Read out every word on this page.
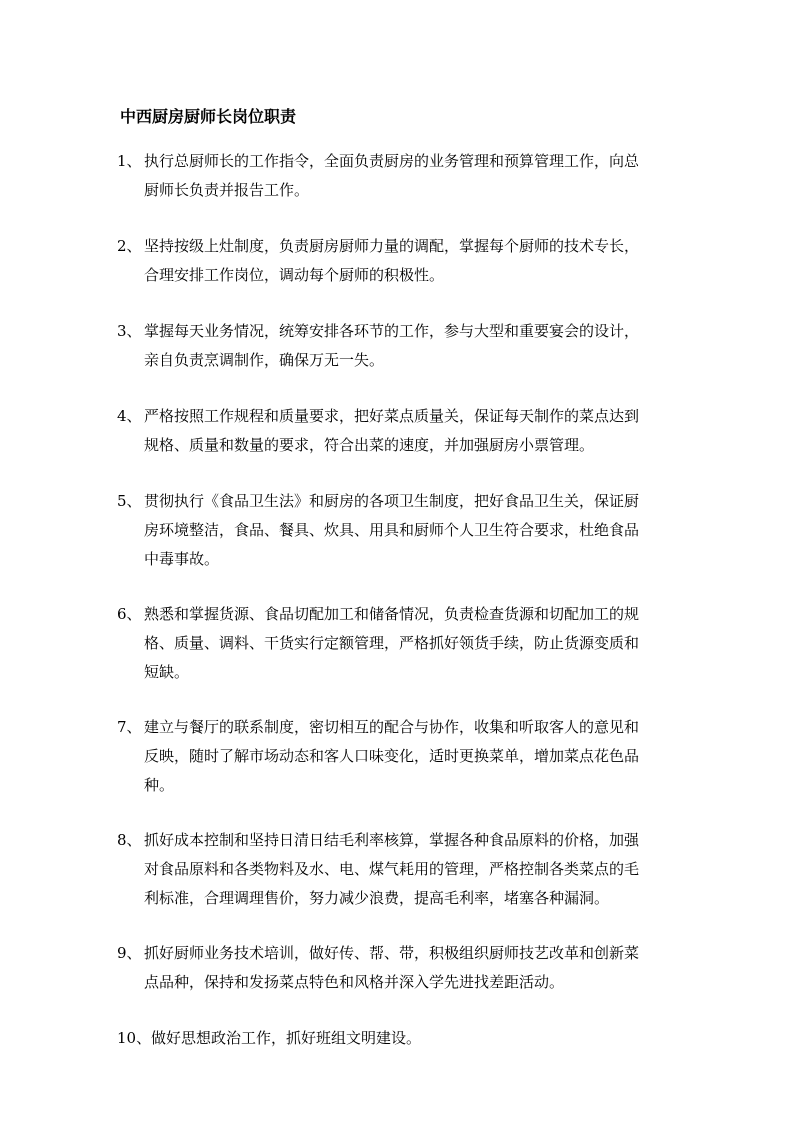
中西厨房厨师长岗位职责
1、 执行总厨师长的工作指令，全面负责厨房的业务管理和预算管理工作，向总
厨师长负责并报告工作。
2、 坚持按级上灶制度，负责厨房厨师力量的调配，掌握每个厨师的技术专长，
合理安排工作岗位，调动每个厨师的积极性。
3、 掌握每天业务情况，统筹安排各环节的工作，参与大型和重要宴会的设计，
亲自负责烹调制作，确保万无一失。
4、 严格按照工作规程和质量要求，把好菜点质量关，保证每天制作的菜点达到
规格、质量和数量的要求，符合出菜的速度，并加强厨房小票管理。
5、 贯彻执行《食品卫生法》和厨房的各项卫生制度，把好食品卫生关，保证厨
房环境整洁，食品、餐具、炊具、用具和厨师个人卫生符合要求，杜绝食品
中毒事故。
6、 熟悉和掌握货源、食品切配加工和储备情况，负责检查货源和切配加工的规
格、质量、调料、干货实行定额管理，严格抓好领货手续，防止货源变质和
短缺。
7、 建立与餐厅的联系制度，密切相互的配合与协作，收集和听取客人的意见和
反映，随时了解市场动态和客人口味变化，适时更换菜单，增加菜点花色品
种。
8、 抓好成本控制和坚持日清日结毛利率核算，掌握各种食品原料的价格，加强
对食品原料和各类物料及水、电、煤气耗用的管理，严格控制各类菜点的毛
利标准，合理调理售价，努力减少浪费，提高毛利率，堵塞各种漏洞。
9、 抓好厨师业务技术培训，做好传、帮、带，积极组织厨师技艺改革和创新菜
点品种，保持和发扬菜点特色和风格并深入学先进找差距活动。
10、 做好思想政治工作，抓好班组文明建设。
